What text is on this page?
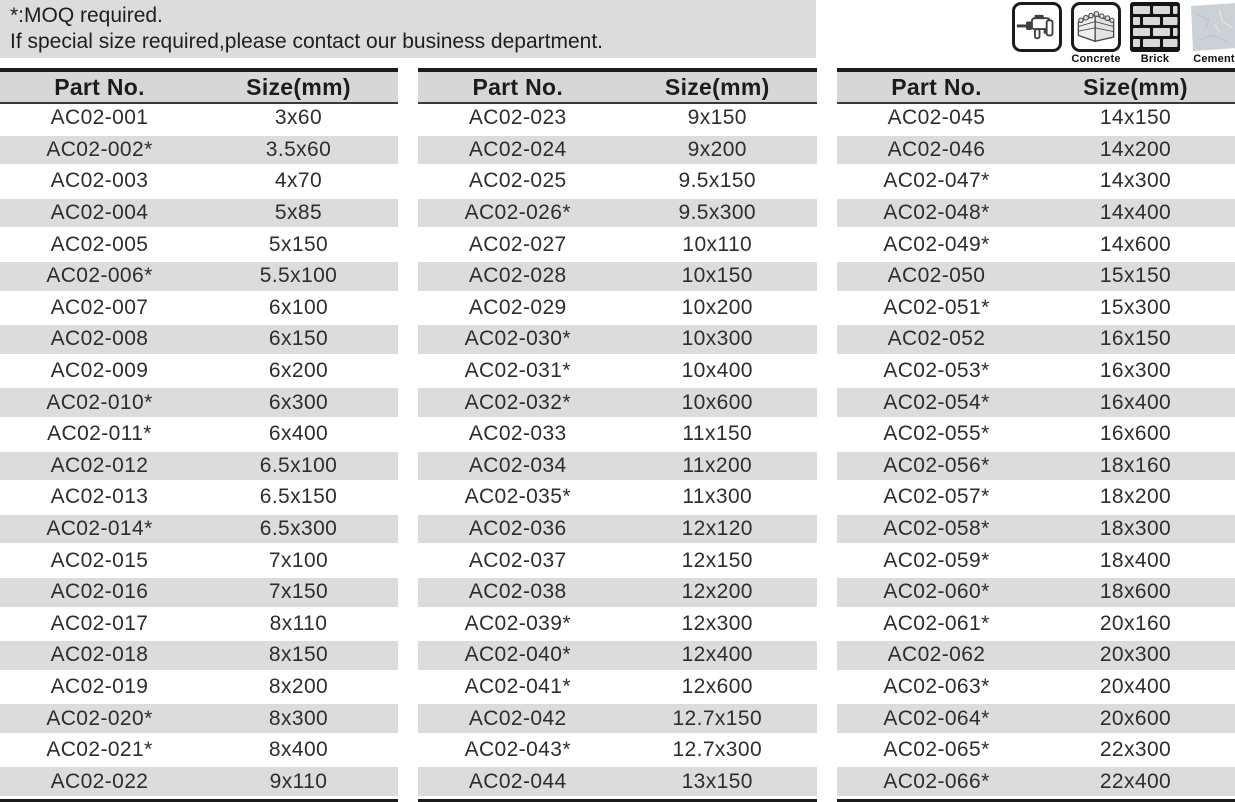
*:MOQ required.
If special size required,please contact our business department.
Concrete Brick Cement
Part No.	Size(mm)
AC02-001	3x60
AC02-002*	3.5x60
AC02-003	4x70
AC02-004	5x85
AC02-005	5x150
AC02-006*	5.5x100
AC02-007	6x100
AC02-008	6x150
AC02-009	6x200
AC02-010*	6x300
AC02-011*	6x400
AC02-012	6.5x100
AC02-013	6.5x150
AC02-014*	6.5x300
AC02-015	7x100
AC02-016	7x150
AC02-017	8x110
AC02-018	8x150
AC02-019	8x200
AC02-020*	8x300
AC02-021*	8x400
AC02-022	9x110
Part No.	Size(mm)
AC02-023	9x150
AC02-024	9x200
AC02-025	9.5x150
AC02-026*	9.5x300
AC02-027	10x110
AC02-028	10x150
AC02-029	10x200
AC02-030*	10x300
AC02-031*	10x400
AC02-032*	10x600
AC02-033	11x150
AC02-034	11x200
AC02-035*	11x300
AC02-036	12x120
AC02-037	12x150
AC02-038	12x200
AC02-039*	12x300
AC02-040*	12x400
AC02-041*	12x600
AC02-042	12.7x150
AC02-043*	12.7x300
AC02-044	13x150
Part No.	Size(mm)
AC02-045	14x150
AC02-046	14x200
AC02-047*	14x300
AC02-048*	14x400
AC02-049*	14x600
AC02-050	15x150
AC02-051*	15x300
AC02-052	16x150
AC02-053*	16x300
AC02-054*	16x400
AC02-055*	16x600
AC02-056*	18x160
AC02-057*	18x200
AC02-058*	18x300
AC02-059*	18x400
AC02-060*	18x600
AC02-061*	20x160
AC02-062	20x300
AC02-063*	20x400
AC02-064*	20x600
AC02-065*	22x300
AC02-066*	22x400
